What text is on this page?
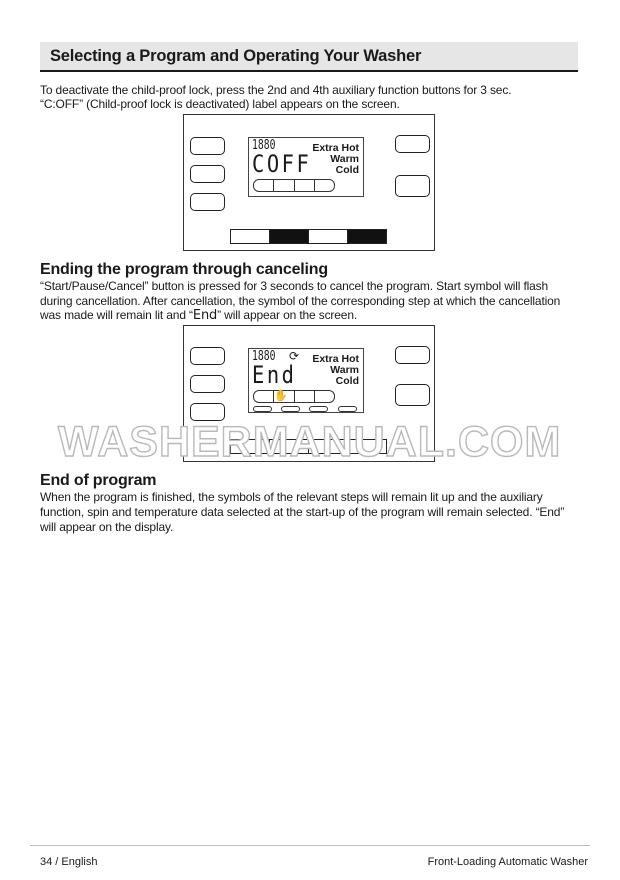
Selecting a Program and Operating Your Washer

To deactivate the child-proof lock, press the 2nd and 4th auxiliary function buttons for 3 sec.

“C:OFF” (Child-proof lock is deactivated) label appears on the screen.

1880
COFF
Extra Hot
Warm
Cold
Ending the program through canceling

“Start/Pause/Cancel” button is pressed for 3 seconds to cancel the program. Start symbol will flash

during cancellation. After cancellation, the symbol of the corresponding step at which the cancellation

was made will remain lit and “End” will appear on the screen.

1880 ⟳
End
Extra Hot
Warm
Cold
✋
WASHERMANUAL.COM
End of program

When the program is finished, the symbols of the relevant steps will remain lit up and the auxiliary

function, spin and temperature data selected at the start-up of the program will remain selected. “End”

will appear on the display.

34 / English	Front-Loading Automatic Washer
